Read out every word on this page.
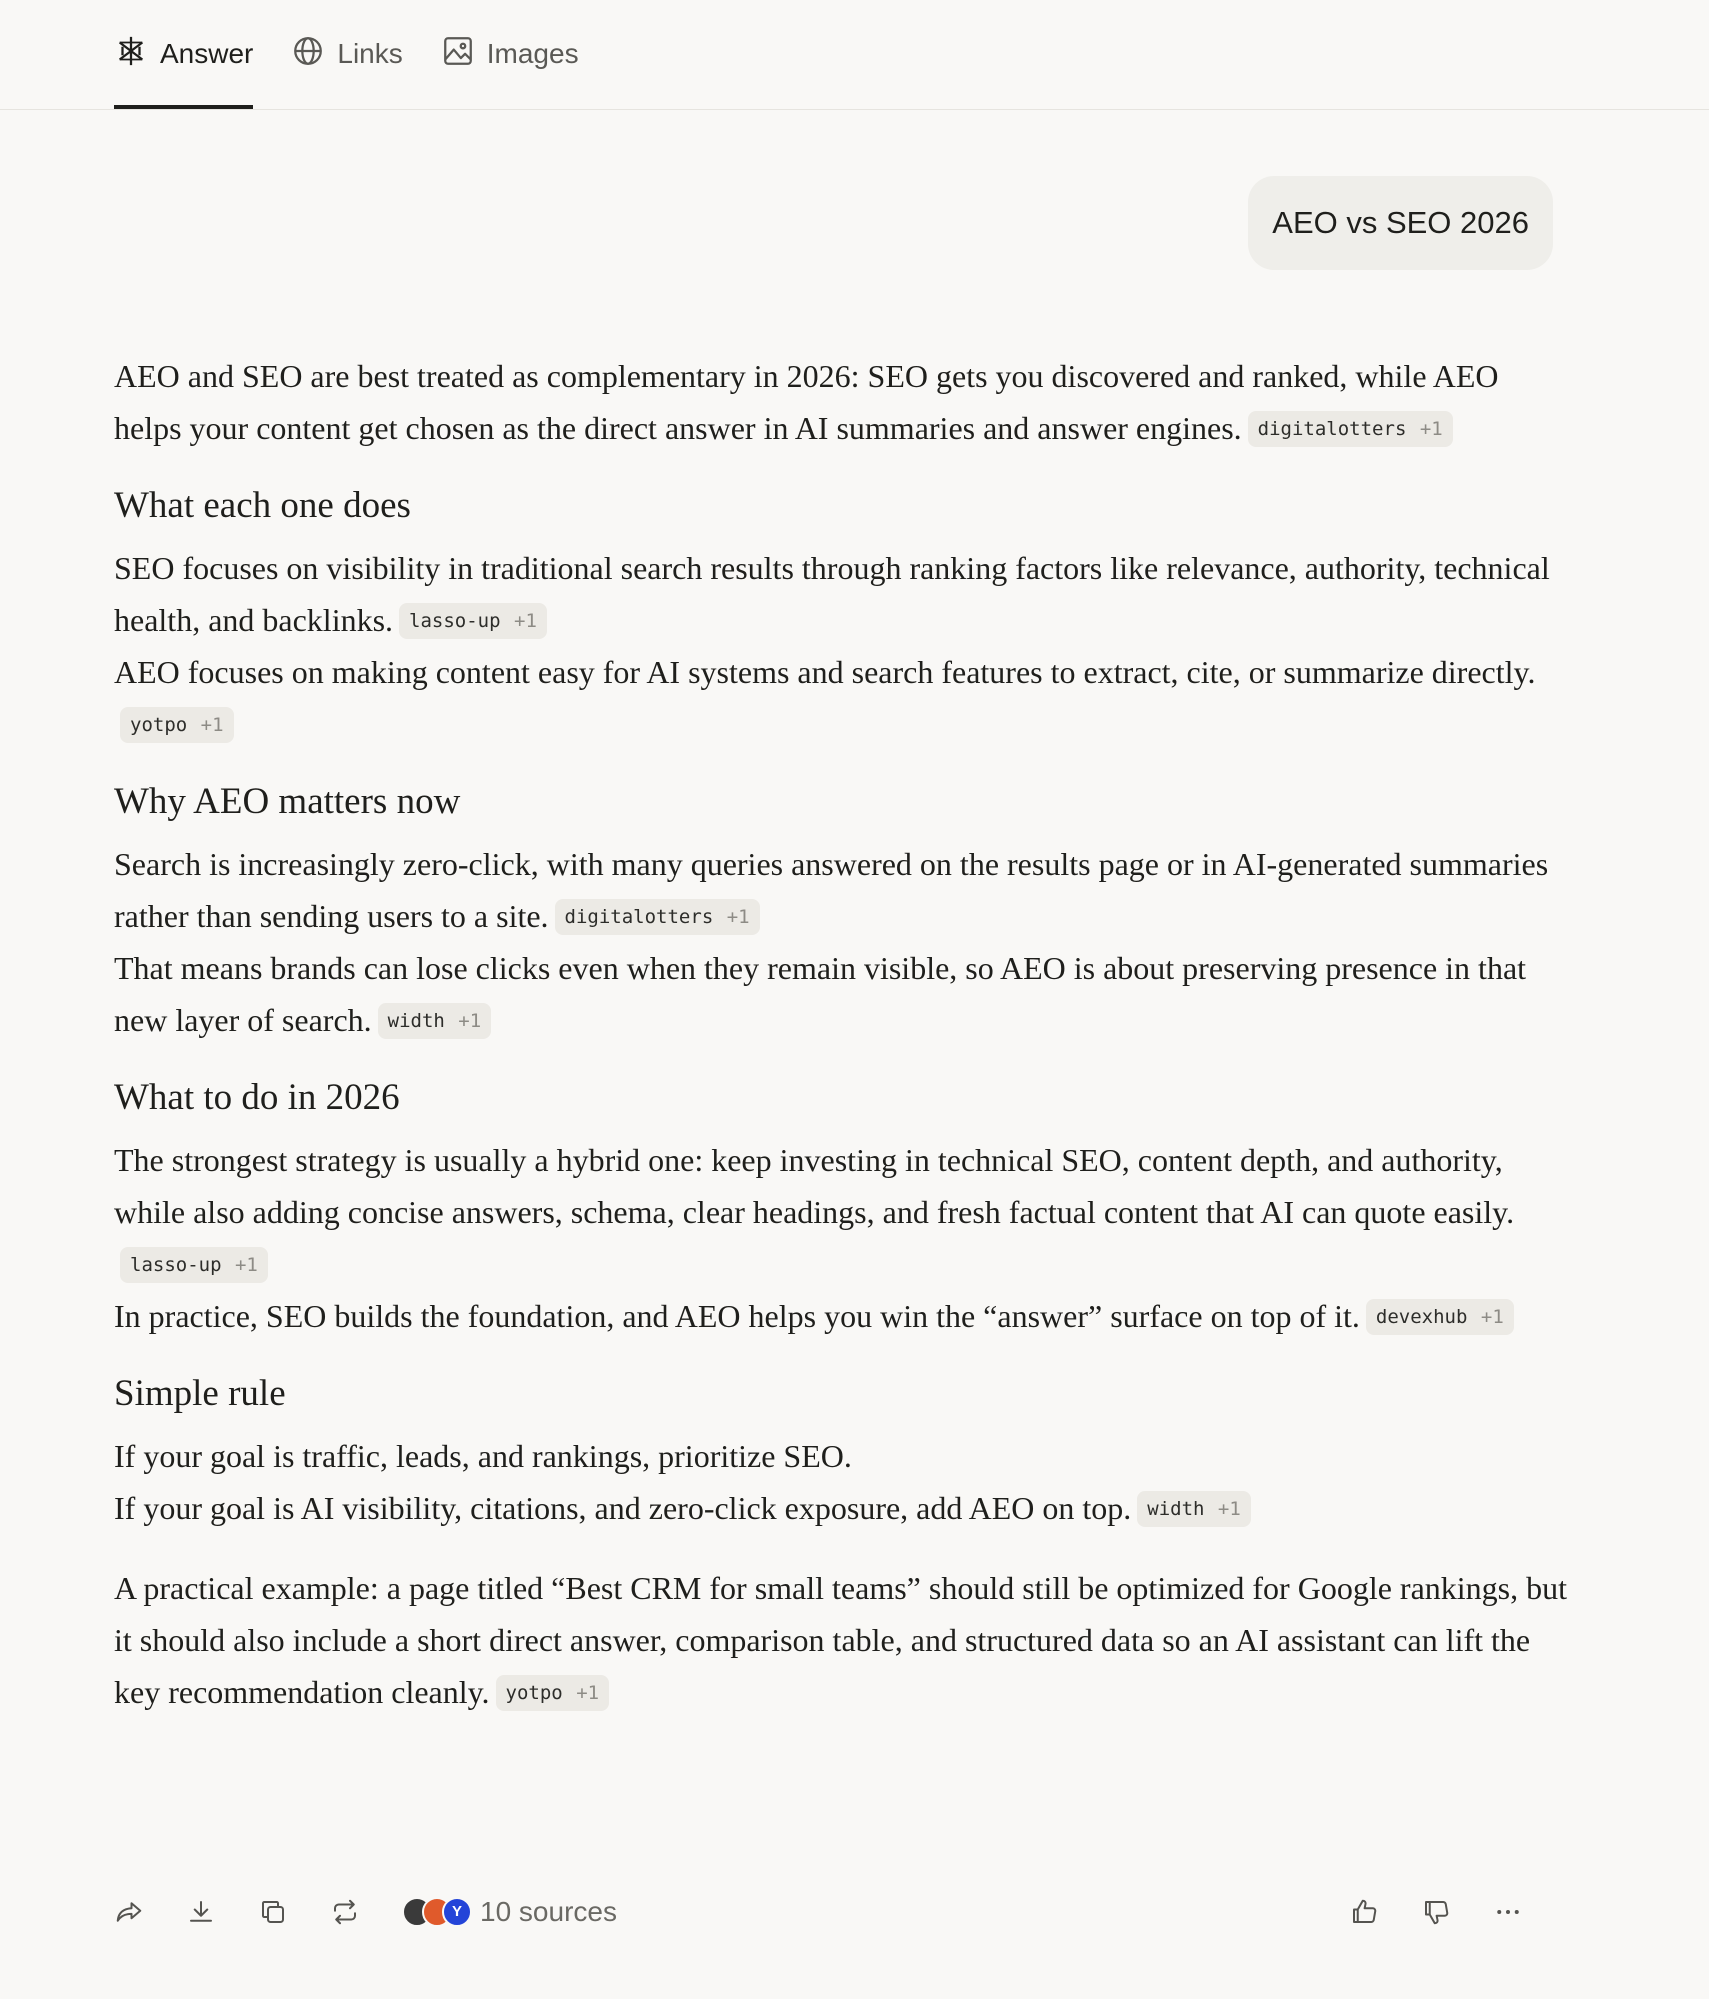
Answer	Links	Images
AEO vs SEO 2026

AEO and SEO are best treated as complementary in 2026: SEO gets you discovered and ranked, while AEO helps your content get chosen as the direct answer in AI summaries and answer engines. digitalotters +1

What each one does

SEO focuses on visibility in traditional search results through ranking factors like relevance, authority, technical health, and backlinks. lasso-up +1

AEO focuses on making content easy for AI systems and search features to extract, cite, or summarize directly.yotpo +1

Why AEO matters now

Search is increasingly zero-click, with many queries answered on the results page or in AI-generated summaries rather than sending users to a site. digitalotters +1

That means brands can lose clicks even when they remain visible, so AEO is about preserving presence in that new layer of search. width +1

What to do in 2026

The strongest strategy is usually a hybrid one: keep investing in technical SEO, content depth, and authority, while also adding concise answers, schema, clear headings, and fresh factual content that AI can quote easily.lasso-up +1

In practice, SEO builds the foundation, and AEO helps you win the “answer” surface on top of it. devexhub +1

Simple rule

If your goal is traffic, leads, and rankings, prioritize SEO.

If your goal is AI visibility, citations, and zero-click exposure, add AEO on top. width +1

A practical example: a page titled “Best CRM for small teams” should still be optimized for Google rankings, but it should also include a short direct answer, comparison table, and structured data so an AI assistant can lift the key recommendation cleanly. yotpo +1

Y 10 sources
